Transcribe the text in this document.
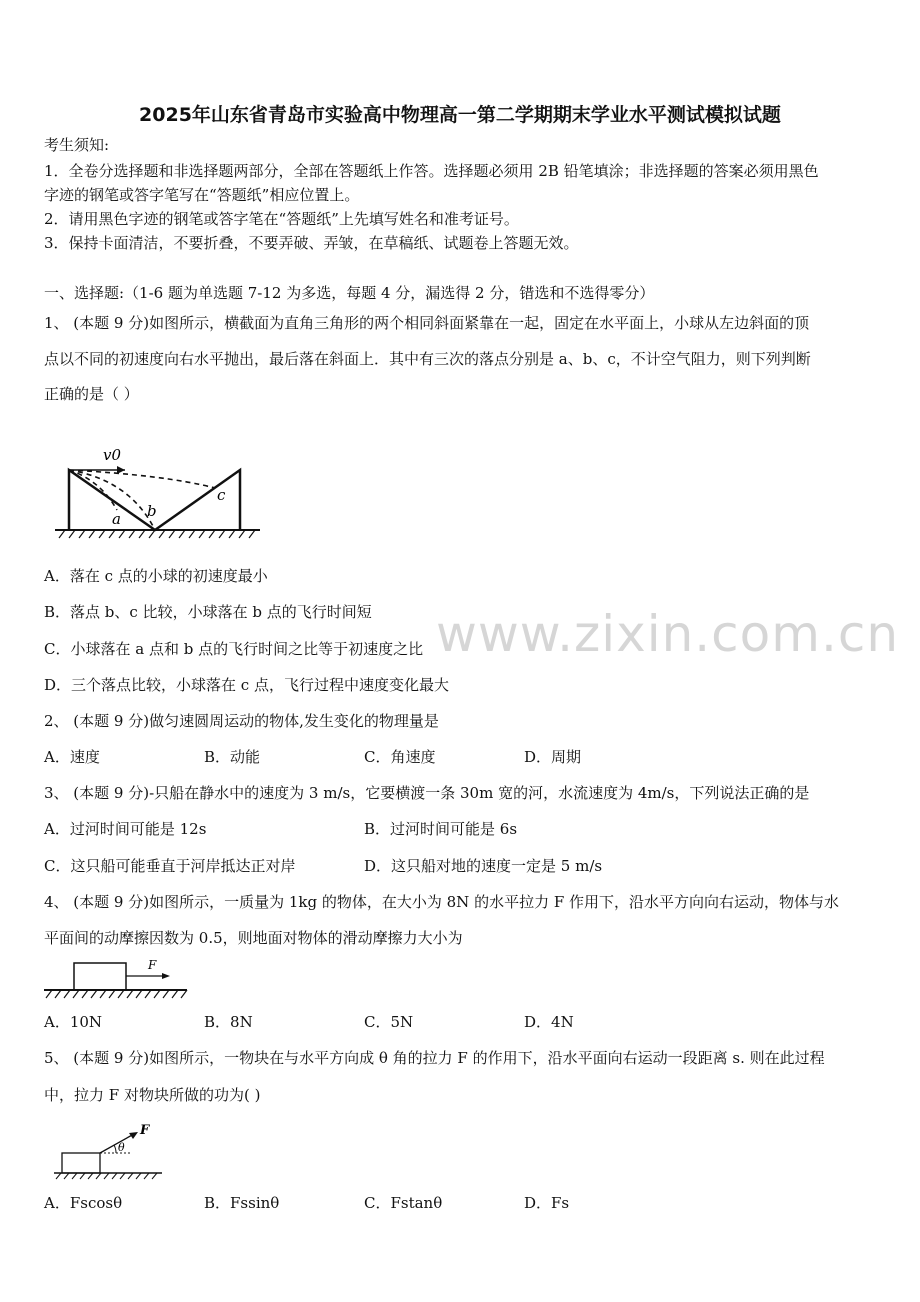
2025年山东省青岛市实验高中物理高一第二学期期末学业水平测试模拟试题
考生须知:
1．全卷分选择题和非选择题两部分，全部在答题纸上作答。选择题必须用 2B 铅笔填涂；非选择题的答案必须用黑色
字迹的钢笔或答字笔写在“答题纸”相应位置上。
2．请用黑色字迹的钢笔或答字笔在“答题纸”上先填写姓名和准考证号。
3．保持卡面清洁，不要折叠，不要弄破、弄皱，在草稿纸、试题卷上答题无效。
一、选择题:（1-6 题为单选题 7-12 为多选，每题 4 分，漏选得 2 分，错选和不选得零分）
1、 (本题 9 分)如图所示，横截面为直角三角形的两个相同斜面紧靠在一起，固定在水平面上，小球从左边斜面的顶
点以不同的初速度向右水平抛出，最后落在斜面上．其中有三次的落点分别是 a、b、c，不计空气阻力，则下列判断
正确的是（ ）
v0
a b
c
A．落在 c 点的小球的初速度最小
B．落点 b、c 比较，小球落在 b 点的飞行时间短
C．小球落在 a 点和 b 点的飞行时间之比等于初速度之比
D．三个落点比较，小球落在 c 点，飞行过程中速度变化最大
www.zixin.com.cn
2、 (本题 9 分)做匀速圆周运动的物体,发生变化的物理量是
A．速度	B．动能	C．角速度	D．周期
3、 (本题 9 分)-只船在静水中的速度为 3 m/s，它要横渡一条 30m 宽的河，水流速度为 4m/s，下列说法正确的是
A．过河时间可能是 12s	B．过河时间可能是 6s
C．这只船可能垂直于河岸抵达正对岸	D．这只船对地的速度一定是 5 m/s
4、 (本题 9 分)如图所示，一质量为 1kg 的物体，在大小为 8N 的水平拉力 F 作用下，沿水平方向向右运动，物体与水
平面间的动摩擦因数为 0.5，则地面对物体的滑动摩擦力大小为
F
A．10N	B．8N	C．5N	D．4N
5、 (本题 9 分)如图所示，一物块在与水平方向成 θ 角的拉力 F 的作用下，沿水平面向右运动一段距离 s. 则在此过程
中，拉力 F 对物块所做的功为( )
F
θ
A．Fscosθ	B．Fssinθ	C．Fstanθ	D．Fs
